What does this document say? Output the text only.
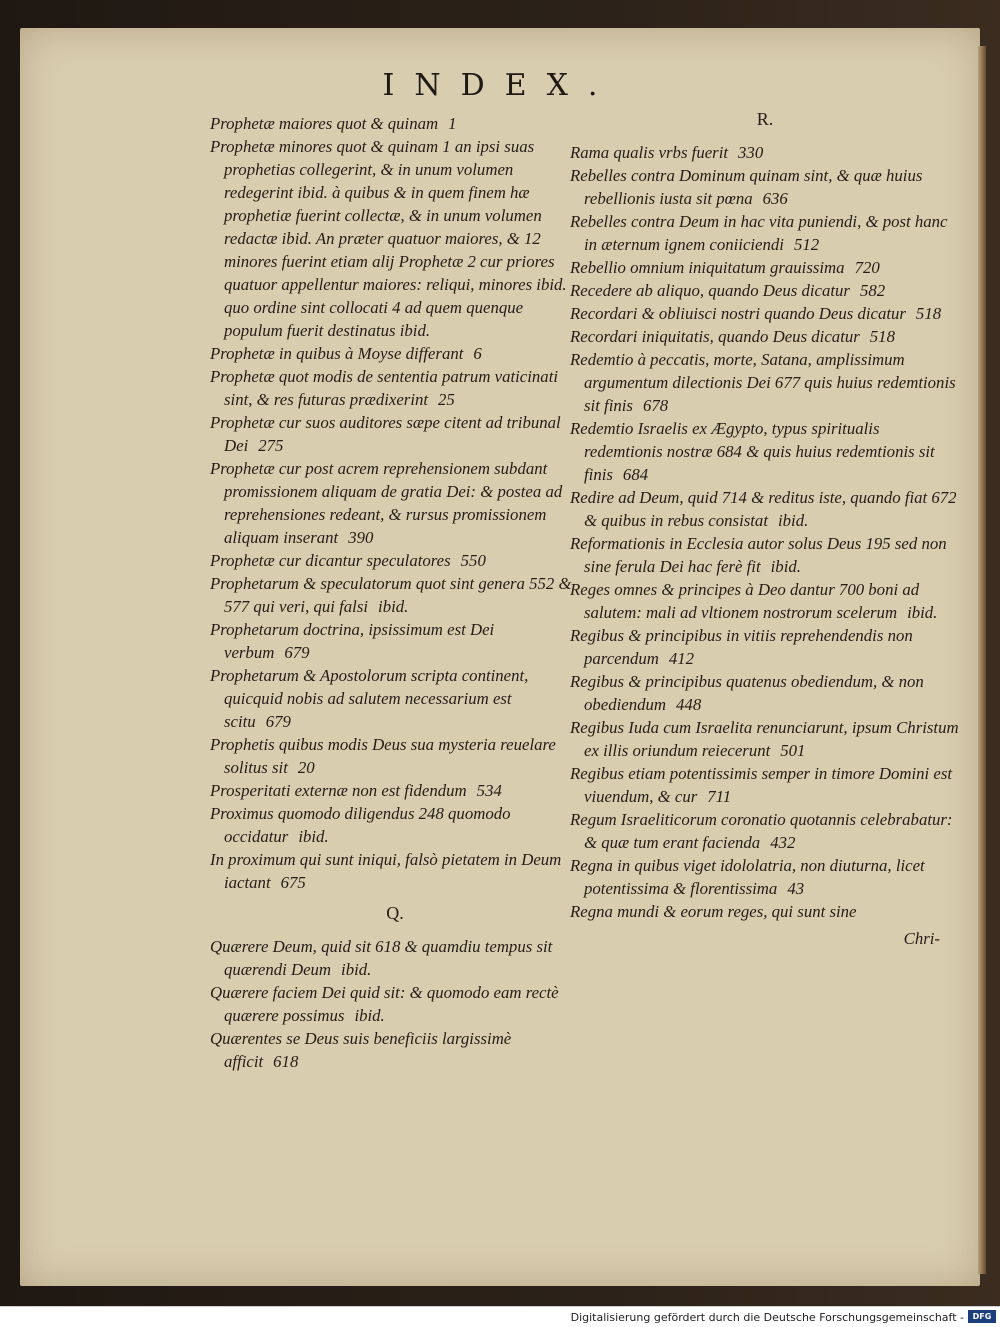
INDEX.
Prophetæ maiores quot & quinam 1
Prophetæ minores quot & quinam 1 an ipsi suas prophetias collegerint, & in unum volumen redegerint ibid. à quibus & in quem finem hæ prophetiæ fuerint collectæ, & in unum volumen redactæ ibid. An præter quatuor maiores, & 12 minores fuerint etiam alij Prophetæ 2 cur priores quatuor appellentur maiores: reliqui, minores ibid. quo ordine sint collocati 4 ad quem quenque populum fuerit destinatus ibid.
Prophetæ in quibus à Moyse differant 6
Prophetæ quot modis de sententia patrum vaticinati sint, & res futuras prædixerint 25
Prophetæ cur suos auditores sæpe citent ad tribunal Dei 275
Prophetæ cur post acrem reprehensionem subdant promissionem aliquam de gratia Dei: & postea ad reprehensiones redeant, & rursus promissionem aliquam inserant 390
Prophetæ cur dicantur speculatores 550
Prophetarum & speculatorum quot sint genera 552 & 577 qui veri, qui falsi ibid.
Prophetarum doctrina, ipsissimum est Dei verbum 679
Prophetarum & Apostolorum scripta continent, quicquid nobis ad salutem necessarium est scitu 679
Prophetis quibus modis Deus sua mysteria reuelare solitus sit 20
Prosperitati externæ non est fidendum 534
Proximus quomodo diligendus 248 quomodo occidatur ibid.
In proximum qui sunt iniqui, falsò pietatem in Deum iactant 675
Q.
Quærere Deum, quid sit 618 & quamdiu tempus sit quærendi Deum ibid.
Quærere faciem Dei quid sit: & quomodo eam rectè quærere possimus ibid.
Quærentes se Deus suis beneficiis largissimè afficit 618
R.
Rama qualis vrbs fuerit 330
Rebelles contra Dominum quinam sint, & quæ huius rebellionis iusta sit pœna 636
Rebelles contra Deum in hac vita puniendi, & post hanc in æternum ignem coniiciendi 512
Rebellio omnium iniquitatum grauissima 720
Recedere ab aliquo, quando Deus dicatur 582
Recordari & obliuisci nostri quando Deus dicatur 518
Recordari iniquitatis, quando Deus dicatur 518
Redemtio à peccatis, morte, Satana, amplissimum argumentum dilectionis Dei 677 quis huius redemtionis sit finis 678
Redemtio Israelis ex Ægypto, typus spiritualis redemtionis nostræ 684 & quis huius redemtionis sit finis 684
Redire ad Deum, quid 714 & reditus iste, quando fiat 672 & quibus in rebus consistat ibid.
Reformationis in Ecclesia autor solus Deus 195 sed non sine ferula Dei hac ferè fit ibid.
Reges omnes & principes à Deo dantur 700 boni ad salutem: mali ad vltionem nostrorum scelerum ibid.
Regibus & principibus in vitiis reprehendendis non parcendum 412
Regibus & principibus quatenus obediendum, & non obediendum 448
Regibus Iuda cum Israelita renunciarunt, ipsum Christum ex illis oriundum reiecerunt 501
Regibus etiam potentissimis semper in timore Domini est viuendum, & cur 711
Regum Israeliticorum coronatio quotannis celebrabatur: & quæ tum erant facienda 432
Regna in quibus viget idololatria, non diuturna, licet potentissima & florentissima 43
Regna mundi & eorum reges, qui sunt sine
Chri-
Digitalisierung gefördert durch die Deutsche Forschungsgemeinschaft -	DFG
